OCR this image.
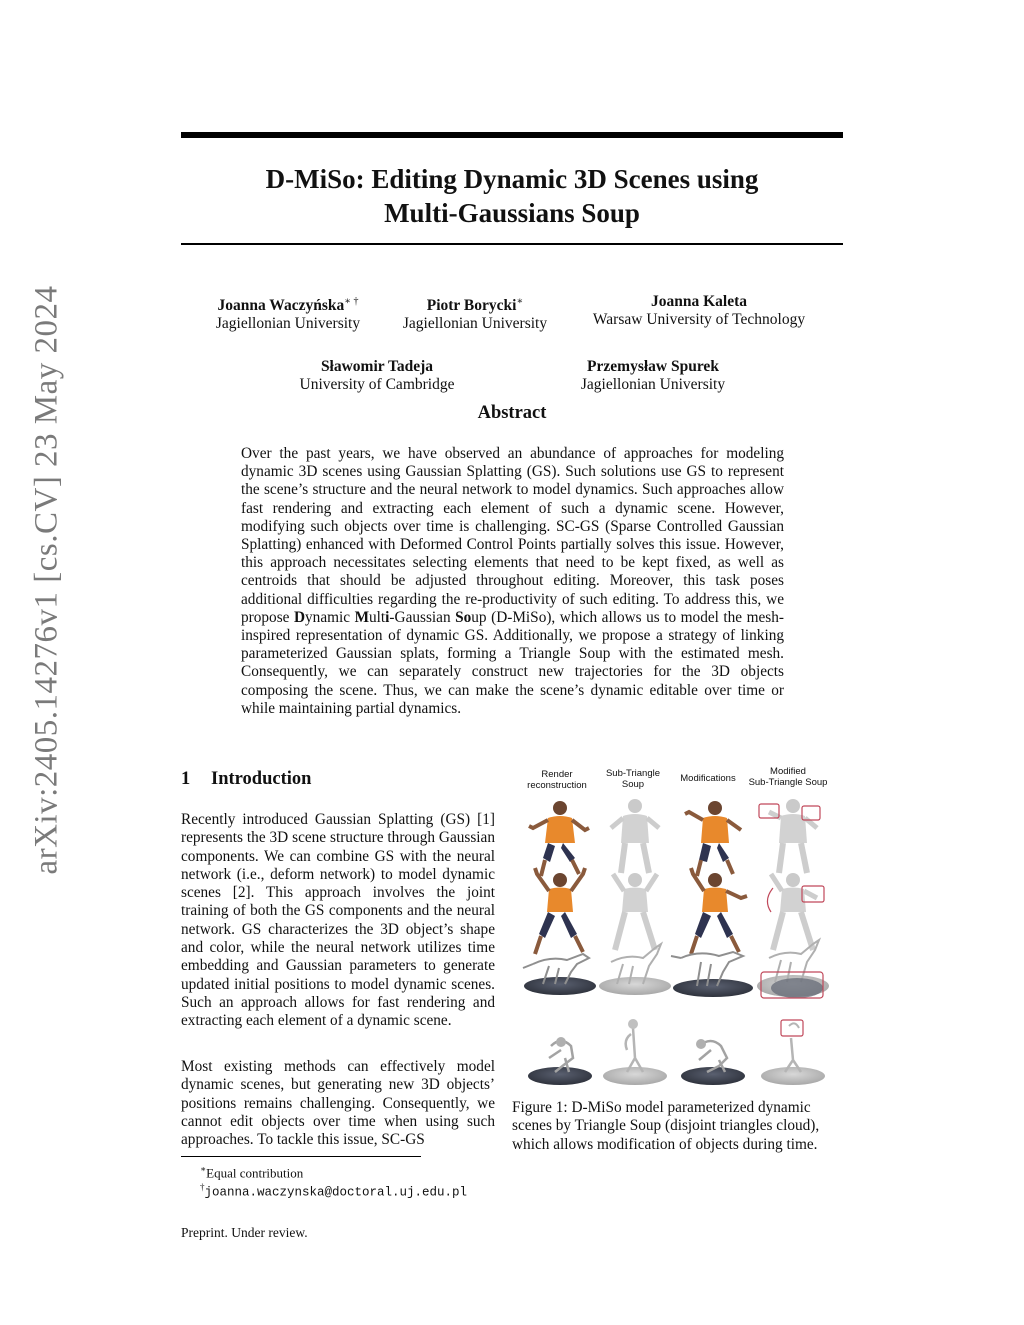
arXiv:2405.14276v1 [cs.CV] 23 May 2024
D-MiSo: Editing Dynamic 3D Scenes using
Multi-Gaussians Soup
Joanna Waczyńska∗ †
Jagiellonian University
Piotr Borycki∗
Jagiellonian University
Joanna Kaleta
Warsaw University of Technology
Sławomir Tadeja
University of Cambridge
Przemysław Spurek
Jagiellonian University
Abstract

Over the past years, we have observed an abundance of approaches for modeling dynamic 3D scenes using Gaussian Splatting (GS). Such solutions use GS to represent the scene’s structure and the neural network to model dynamics. Such approaches allow fast rendering and extracting each element of such a dynamic scene. However, modifying such objects over time is challenging. SC-GS (Sparse Controlled Gaussian Splatting) enhanced with Deformed Control Points partially solves this issue. However, this approach necessitates selecting elements that need to be kept fixed, as well as centroids that should be adjusted throughout editing. Moreover, this task poses additional difficulties regarding the re-productivity of such editing. To address this, we propose Dynamic Multi-Gaussian Soup (D-MiSo), which allows us to model the mesh-inspired representation of dynamic GS. Additionally, we propose a strategy of linking parameterized Gaussian splats, forming a Triangle Soup with the estimated mesh. Consequently, we can separately construct new trajectories for the 3D objects composing the scene. Thus, we can make the scene’s dynamic editable over time or while maintaining partial dynamics.

1 Introduction

Recently introduced Gaussian Splatting (GS) [1] represents the 3D scene structure through Gaussian components. We can combine GS with the neural network (i.e., deform network) to model dynamic scenes [2]. This approach involves the joint training of both the GS components and the neural network. GS characterizes the 3D object’s shape and color, while the neural network utilizes time embedding and Gaussian parameters to generate updated initial positions to model dynamic scenes. Such an approach allows for fast rendering and extracting each element of a dynamic scene.

Most existing methods can effectively model dynamic scenes, but generating new 3D objects’ positions remains challenging. Consequently, we cannot edit objects over time when using such approaches. To tackle this issue, SC-GS

∗Equal contribution
†joanna.waczynska@doctoral.uj.edu.pl
Preprint. Under review.
Render
reconstruction
Sub-Triangle
Soup
Modifications
Modified
Sub-Triangle Soup

Figure 1: D-MiSo model parameterized dynamic scenes by Triangle Soup (disjoint triangles cloud), which allows modification of objects during time.
